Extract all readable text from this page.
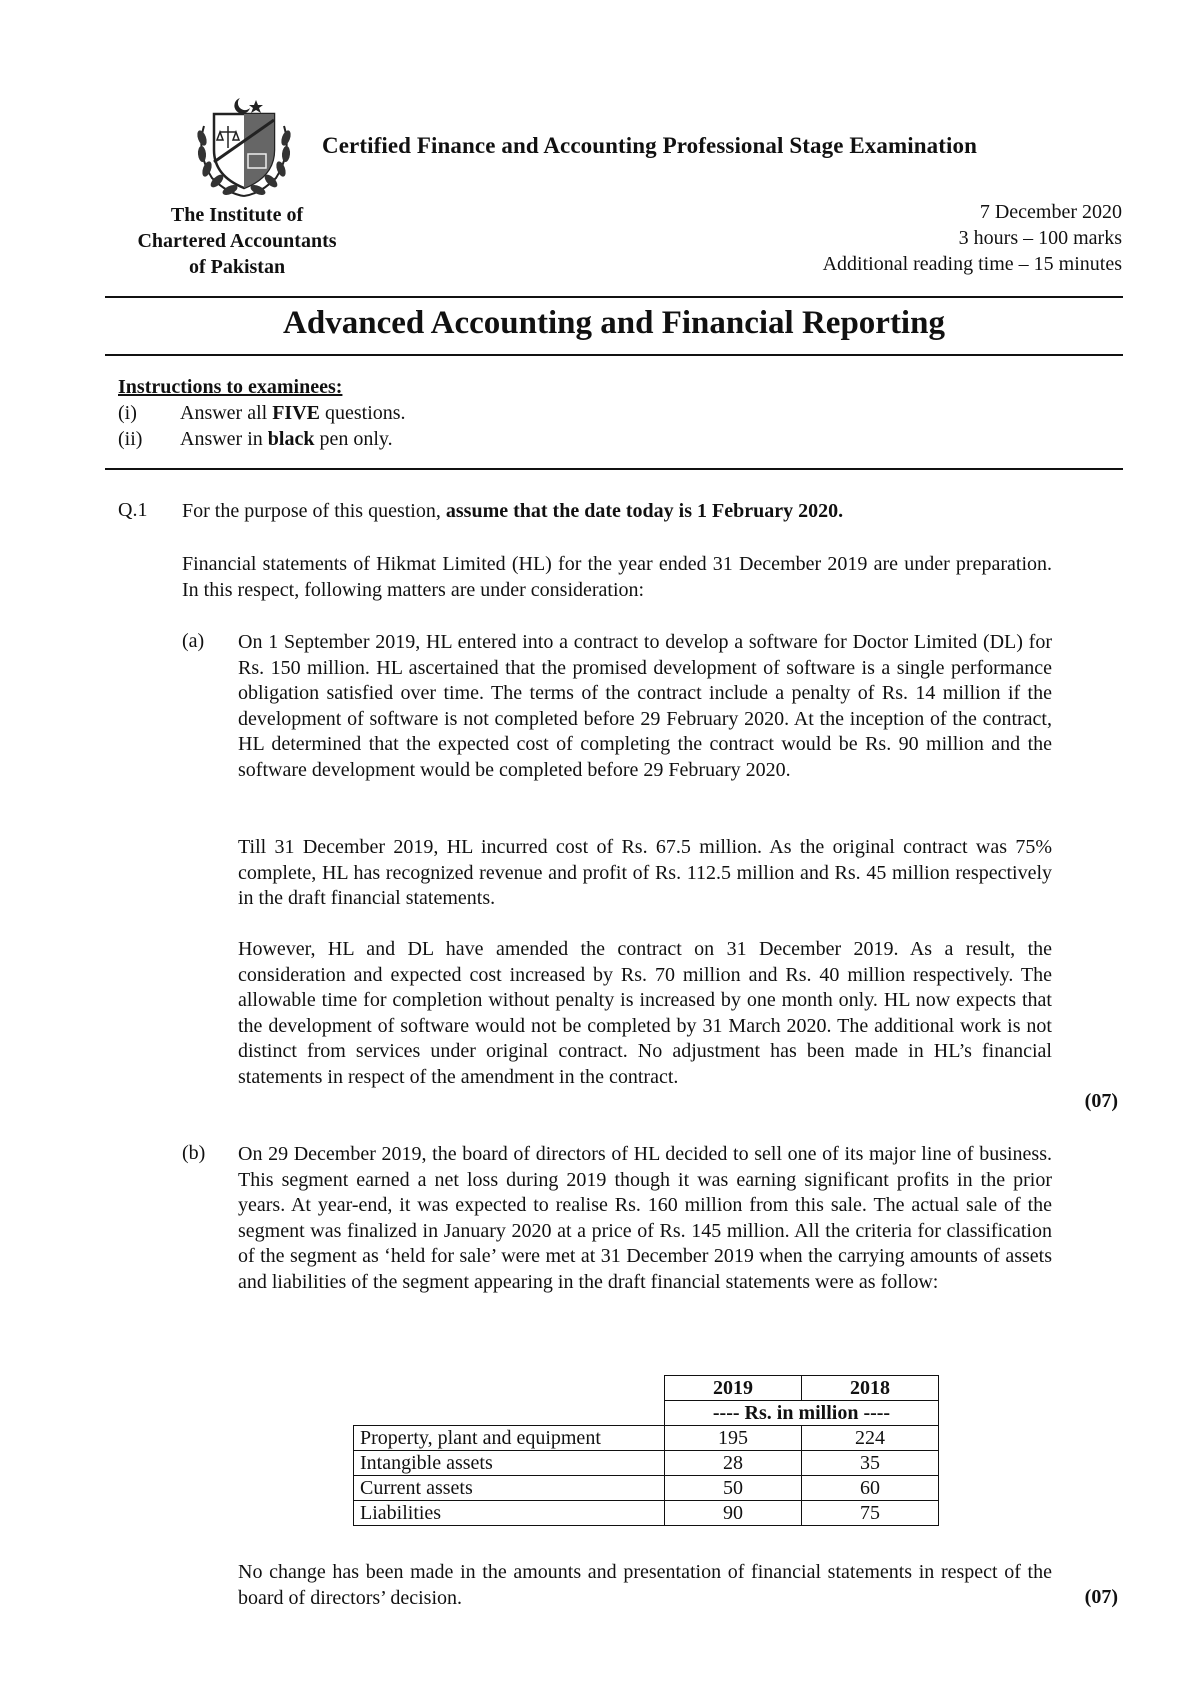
Certified Finance and Accounting Professional Stage Examination
The Institute of
Chartered Accountants
of Pakistan
7 December 2020
3 hours – 100 marks
Additional reading time – 15 minutes
Advanced Accounting and Financial Reporting
Instructions to examinees:
(i) Answer all FIVE questions.
(ii) Answer in black pen only.
Q.1 For the purpose of this question, assume that the date today is 1 February 2020.
Financial statements of Hikmat Limited (HL) for the year ended 31 December 2019 are under preparation. In this respect, following matters are under consideration:
(a) On 1 September 2019, HL entered into a contract to develop a software for Doctor Limited (DL) for Rs. 150 million. HL ascertained that the promised development of software is a single performance obligation satisfied over time. The terms of the contract include a penalty of Rs. 14 million if the development of software is not completed before 29 February 2020. At the inception of the contract, HL determined that the expected cost of completing the contract would be Rs. 90 million and the software development would be completed before 29 February 2020.
Till 31 December 2019, HL incurred cost of Rs. 67.5 million. As the original contract was 75% complete, HL has recognized revenue and profit of Rs. 112.5 million and Rs. 45 million respectively in the draft financial statements.
However, HL and DL have amended the contract on 31 December 2019. As a result, the consideration and expected cost increased by Rs. 70 million and Rs. 40 million respectively. The allowable time for completion without penalty is increased by one month only. HL now expects that the development of software would not be completed by 31 March 2020. The additional work is not distinct from services under original contract. No adjustment has been made in HL’s financial statements in respect of the amendment in the contract.
(07)
(b) On 29 December 2019, the board of directors of HL decided to sell one of its major line of business. This segment earned a net loss during 2019 though it was earning significant profits in the prior years. At year-end, it was expected to realise Rs. 160 million from this sale. The actual sale of the segment was finalized in January 2020 at a price of Rs. 145 million. All the criteria for classification of the segment as ‘held for sale’ were met at 31 December 2019 when the carrying amounts of assets and liabilities of the segment appearing in the draft financial statements were as follow:
	2019	2018
	---- Rs. in million ----	
Property, plant and equipment	195	224
Intangible assets	28	35
Current assets	50	60
Liabilities	90	75
No change has been made in the amounts and presentation of financial statements in respect of the board of directors’ decision.	(07)
